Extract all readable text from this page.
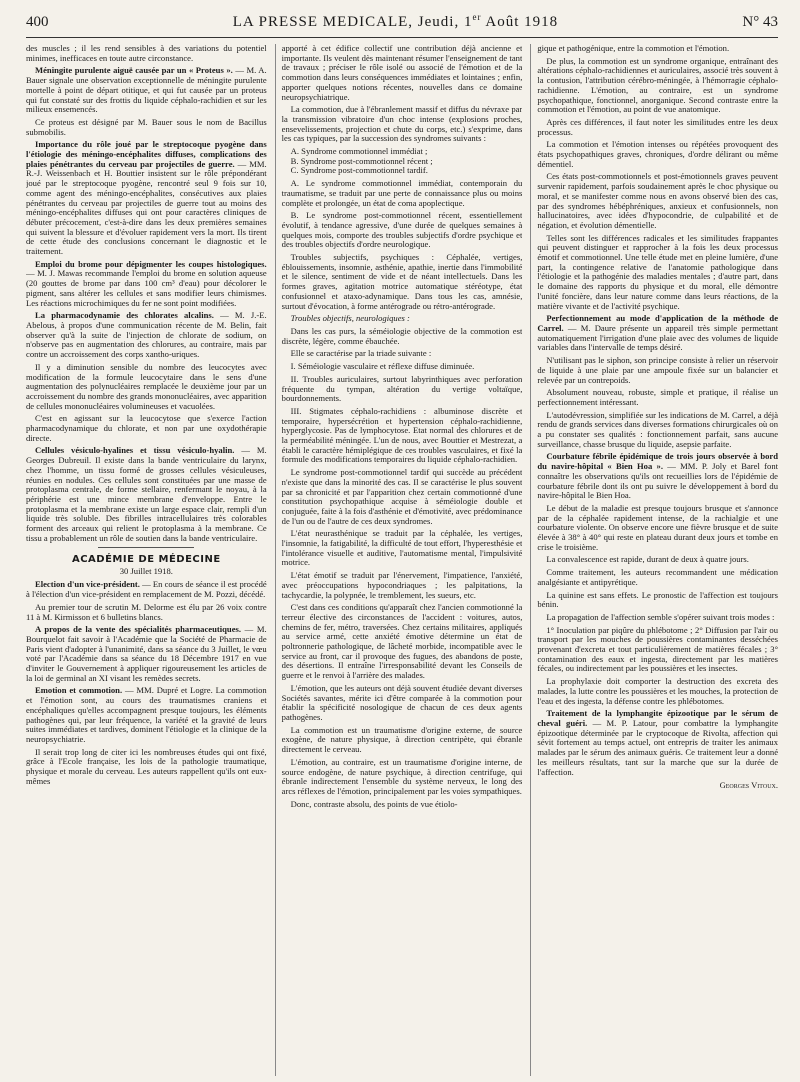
400	LA PRESSE MEDICALE, Jeudi, 1er Août 1918	N° 43

des muscles ; il les rend sensibles à des variations du potentiel minimes, inefficaces en toute autre circonstance.

Méningite purulente aiguë causée par un « Proteus ». — M. A. Bauer signale une observation exceptionnelle de méningite purulente mortelle à point de départ otitique, et qui fut causée par un proteus qui fut constaté sur des frottis du liquide céphalo-rachidien et sur les milieux ensemencés.

Ce proteus est désigné par M. Bauer sous le nom de Bacillus submobilis.

Importance du rôle joué par le streptocoque pyogène dans l'étiologie des méningo-encéphalites diffuses, complications des plaies pénétrantes du cerveau par projectiles de guerre. — MM. R.-J. Weissenbach et H. Bouttier insistent sur le rôle prépondérant joué par le streptocoque pyogène, rencontré seul 9 fois sur 10, comme agent des méningo-encéphalites, consécutives aux plaies pénétrantes du cerveau par projectiles de guerre tout au moins des méningo-encéphalites diffuses qui ont pour caractères cliniques de débuter précocement, c'est-à-dire dans les deux premières semaines qui suivent la blessure et d'évoluer rapidement vers la mort. Ils tirent de cette étude des conclusions concernant le diagnostic et le traitement.

Emploi du brome pour dépigmenter les coupes histologiques. — M. J. Mawas recommande l'emploi du brome en solution aqueuse (20 gouttes de brome par dans 100 cm³ d'eau) pour décolorer le pigment, sans altérer les cellules et sans modifier leurs chimismes. Les réactions microchimiques du fer ne sont point modifiées.

La pharmacodynamie des chlorates alcalins. — M. J.-E. Abelous, à propos d'une communication récente de M. Belin, fait observer qu'à la suite de l'injection de chlorate de sodium, on n'observe pas en augmentation des chlorures, au contraire, mais par contre un accroissement des corps xantho-uriques.

Il y a diminution sensible du nombre des leucocytes avec modification de la formule leucocytaire dans le sens d'une augmentation des polynucléaires remplacée le deuxième jour par un accroissement du nombre des grands mononucléaires, avec apparition de cellules mononucléaires volumineuses et vacuolées.

C'est en agissant sur la leucocytose que s'exerce l'action pharmacodynamique du chlorate, et non par une oxydothérapie directe.

Cellules vésiculo-hyalines et tissu vésiculo-hyalin. — M. Georges Dubreuil. Il existe dans la bande ventriculaire du larynx, chez l'homme, un tissu formé de grosses cellules vésiculeuses, réunies en nodules. Ces cellules sont constituées par une masse de protoplasma centrale, de forme stellaire, renfermant le noyau, à la périphérie est une mince membrane d'enveloppe. Entre le protoplasma et la membrane existe un large espace clair, rempli d'un liquide très soluble. Des fibrilles intracellulaires très colorables forment des arceaux qui relient le protoplasma à la membrane. Ce tissu a probablement un rôle de soutien dans la bande ventriculaire.

ACADÉMIE DE MÉDECINE
30 Juillet 1918.

Election d'un vice-président. — En cours de séance il est procédé à l'élection d'un vice-président en remplacement de M. Pozzi, décédé.

Au premier tour de scrutin M. Delorme est élu par 26 voix contre 11 à M. Kirmisson et 6 bulletins blancs.

A propos de la vente des spécialités pharmaceutiques. — M. Bourquelot fait savoir à l'Académie que la Société de Pharmacie de Paris vient d'adopter à l'unanimité, dans sa séance du 3 Juillet, le vœu voté par l'Académie dans sa séance du 18 Décembre 1917 en vue d'inviter le Gouvernement à appliquer rigoureusement les articles de la loi de germinal an XI visant les remèdes secrets.

Emotion et commotion. — MM. Dupré et Logre. La commotion et l'émotion sont, au cours des traumatismes craniens et encéphaliques qu'elles accompagnent presque toujours, les éléments pathogènes qui, par leur fréquence, la variété et la gravité de leurs suites immédiates et tardives, dominent l'étiologie et la clinique de la neuropsychiatrie.

Il serait trop long de citer ici les nombreuses études qui ont fixé, grâce à l'Ecole française, les lois de la pathologie traumatique, physique et morale du cerveau. Les auteurs rappellent qu'ils ont eux-mêmes

apporté à cet édifice collectif une contribution déjà ancienne et importante. Ils veulent dès maintenant résumer l'enseignement de tant de travaux ; préciser le rôle isolé ou associé de l'émotion et de la commotion dans leurs conséquences immédiates et lointaines ; enfin, apporter quelques notions récentes, nouvelles dans ce domaine neuropsychiatrique.

La commotion, due à l'ébranlement massif et diffus du névraxe par la transmission vibratoire d'un choc intense (explosions proches, ensevelissements, projection et chute du corps, etc.) s'exprime, dans les cas typiques, par la succession des syndromes suivants :

A. Syndrome commotionnel immédiat ;
B. Syndrome post-commotionnel récent ;
C. Syndrome post-commotionnel tardif.

A. Le syndrome commotionnel immédiat, contemporain du traumatisme, se traduit par une perte de connaissance plus ou moins complète et prolongée, un état de coma apoplectique.

B. Le syndrome post-commotionnel récent, essentiellement évolutif, à tendance agressive, d'une durée de quelques semaines à quelques mois, comporte des troubles subjectifs d'ordre psychique et des troubles objectifs d'ordre neurologique.

Troubles subjectifs, psychiques : Céphalée, vertiges, éblouissements, insomnie, asthénie, apathie, inertie dans l'immobilité et le silence, sentiment de vide et de néant intellectuels. Dans les formes graves, agitation motrice automatique stéréotype, état confusionnel et ataxo-adynamique. Dans tous les cas, amnésie, surtout d'évocation, à forme antérograde ou rétro-antérograde.

Troubles objectifs, neurologiques :

Dans les cas purs, la séméiologie objective de la commotion est discrète, légère, comme ébauchée.

Elle se caractérise par la triade suivante :

I. Séméiologie vasculaire et réflexe diffuse diminuée.

II. Troubles auriculaires, surtout labyrinthiques avec perforation fréquente du tympan, altération du vertige voltaïque, bourdonnements.

III. Stigmates céphalo-rachidiens : albuminose discrète et temporaire, hypersécrétion et hypertension céphalo-rachidienne, hyperglycosie. Pas de lymphocytose. Etat normal des chlorures et de la perméabilité méningée. L'un de nous, avec Bouttier et Mestrezat, a établi le caractère hémiplégique de ces troubles vasculaires, et fixé la formule des modifications temporaires du liquide céphalo-rachidien.

Le syndrome post-commotionnel tardif qui succède au précédent n'existe que dans la minorité des cas. Il se caractérise le plus souvent par sa chronicité et par l'apparition chez certain commotionné d'une constitution psychopathique acquise à séméiologie double et conjuguée, faite à la fois d'asthénie et d'émotivité, avec prédominance de l'un ou de l'autre de ces deux syndromes.

L'état neurasthénique se traduit par la céphalée, les vertiges, l'insomnie, la fatigabilité, la difficulté de tout effort, l'hyperesthésie et l'intolérance visuelle et auditive, l'automatisme mental, l'impulsivité motrice.

L'état émotif se traduit par l'énervement, l'impatience, l'anxiété, avec préoccupations hypocondriaques ; les palpitations, la tachycardie, la polypnée, le tremblement, les sueurs, etc.

C'est dans ces conditions qu'apparaît chez l'ancien commotionné la terreur élective des circonstances de l'accident : voitures, autos, chemins de fer, métro, traversées. Chez certains militaires, appliqués au service armé, cette anxiété émotive détermine un état de poltronnerie pathologique, de lâcheté morbide, incompatible avec le service au front, car il provoque des fugues, des abandons de poste, des désertions. Il entraîne l'irresponsabilité devant les Conseils de guerre et le renvoi à l'arrière des malades.

L'émotion, que les auteurs ont déjà souvent étudiée devant diverses Sociétés savantes, mérite ici d'être comparée à la commotion pour établir la spécificité nosologique de chacun de ces deux agents pathogènes.

La commotion est un traumatisme d'origine externe, de source exogène, de nature physique, à direction centripète, qui ébranle directement le cerveau.

L'émotion, au contraire, est un traumatisme d'origine interne, de source endogène, de nature psychique, à direction centrifuge, qui ébranle indirectement l'ensemble du système nerveux, le long des arcs réflexes de l'émotion, principalement par les voies sympathiques.

Donc, contraste absolu, des points de vue étiolo-

gique et pathogénique, entre la commotion et l'émotion.

De plus, la commotion est un syndrome organique, entraînant des altérations céphalo-rachidiennes et auriculaires, associé très souvent à la contusion, l'attribution cérébro-méningée, à l'hémorragie céphalo-rachidienne. L'émotion, au contraire, est un syndrome psychopathique, fonctionnel, anorganique. Second contraste entre la commotion et l'émotion, au point de vue anatomique.

Après ces différences, il faut noter les similitudes entre les deux processus.

La commotion et l'émotion intenses ou répétées provoquent des états psychopathiques graves, chroniques, d'ordre délirant ou même démentiel.

Ces états post-commotionnels et post-émotionnels graves peuvent survenir rapidement, parfois soudainement après le choc physique ou moral, et se manifester comme nous en avons observé bien des cas, par des syndromes hébéphréniques, anxieux et confusionnels, non hallucinatoires, avec idées d'hypocondrie, de culpabilité et de négation, et évolution démentielle.

Telles sont les différences radicales et les similitudes frappantes qui peuvent distinguer et rapprocher à la fois les deux processus émotif et commotionnel. Une telle étude met en pleine lumière, d'une part, la contingence relative de l'anatomie pathologique dans l'étiologie et la pathogénie des maladies mentales ; d'autre part, dans le domaine des rapports du physique et du moral, elle démontre l'unité foncière, dans leur nature comme dans leurs réactions, de la matière vivante et de l'activité psychique.

Perfectionnement au mode d'application de la méthode de Carrel. — M. Daure présente un appareil très simple permettant automatiquement l'irrigation d'une plaie avec des volumes de liquide variables dans l'intervalle de temps désiré.

N'utilisant pas le siphon, son principe consiste à relier un réservoir de liquide à une plaie par une ampoule fixée sur un balancier et relevée par un contrepoids.

Absolument nouveau, robuste, simple et pratique, il réalise un perfectionnement intéressant.

L'autodévression, simplifiée sur les indications de M. Carrel, a déjà rendu de grands services dans diverses formations chirurgicales où on a pu constater ses qualités : fonctionnement parfait, sans aucune surveillance, chasse brusque du liquide, asepsie parfaite.

Courbature fébrile épidémique de trois jours observée à bord du navire-hôpital « Bien Hoa ». — MM. P. Joly et Barel font connaître les observations qu'ils ont recueillies lors de l'épidémie de courbature fébrile dont ils ont pu suivre le développement à bord du navire-hôpital le Bien Hoa.

Le début de la maladie est presque toujours brusque et s'annonce par de la céphalée rapidement intense, de la rachialgie et une courbature violente. On observe encore une fièvre brusque et de suite élevée à 38° à 40° qui reste en plateau durant deux jours et tombe en crise le troisième.

La convalescence est rapide, durant de deux à quatre jours.

Comme traitement, les auteurs recommandent une médication analgésiante et antipyrétique.

La quinine est sans effets. Le pronostic de l'affection est toujours bénin.

La propagation de l'affection semble s'opérer suivant trois modes :

1° Inoculation par piqûre du phlébotome ; 2° Diffusion par l'air ou transport par les mouches de poussières contaminantes desséchées provenant d'excreta et tout particulièrement de matières fécales ; 3° contamination des eaux et ingesta, directement par les matières fécales, ou indirectement par les poussières et les insectes.

La prophylaxie doit comporter la destruction des excreta des malades, la lutte contre les poussières et les mouches, la protection de l'eau et des ingesta, la défense contre les phlébotomes.

Traitement de la lymphangite épizootique par le sérum de cheval guéri. — M. P. Latour, pour combattre la lymphangite épizootique déterminée par le cryptocoque de Rivolta, affection qui sévit fortement au temps actuel, ont entrepris de traiter les animaux malades par le sérum des animaux guéris. Ce traitement leur a donné les meilleurs résultats, tant sur la marche que sur la durée de l'affection.

Georges Vitoux.
